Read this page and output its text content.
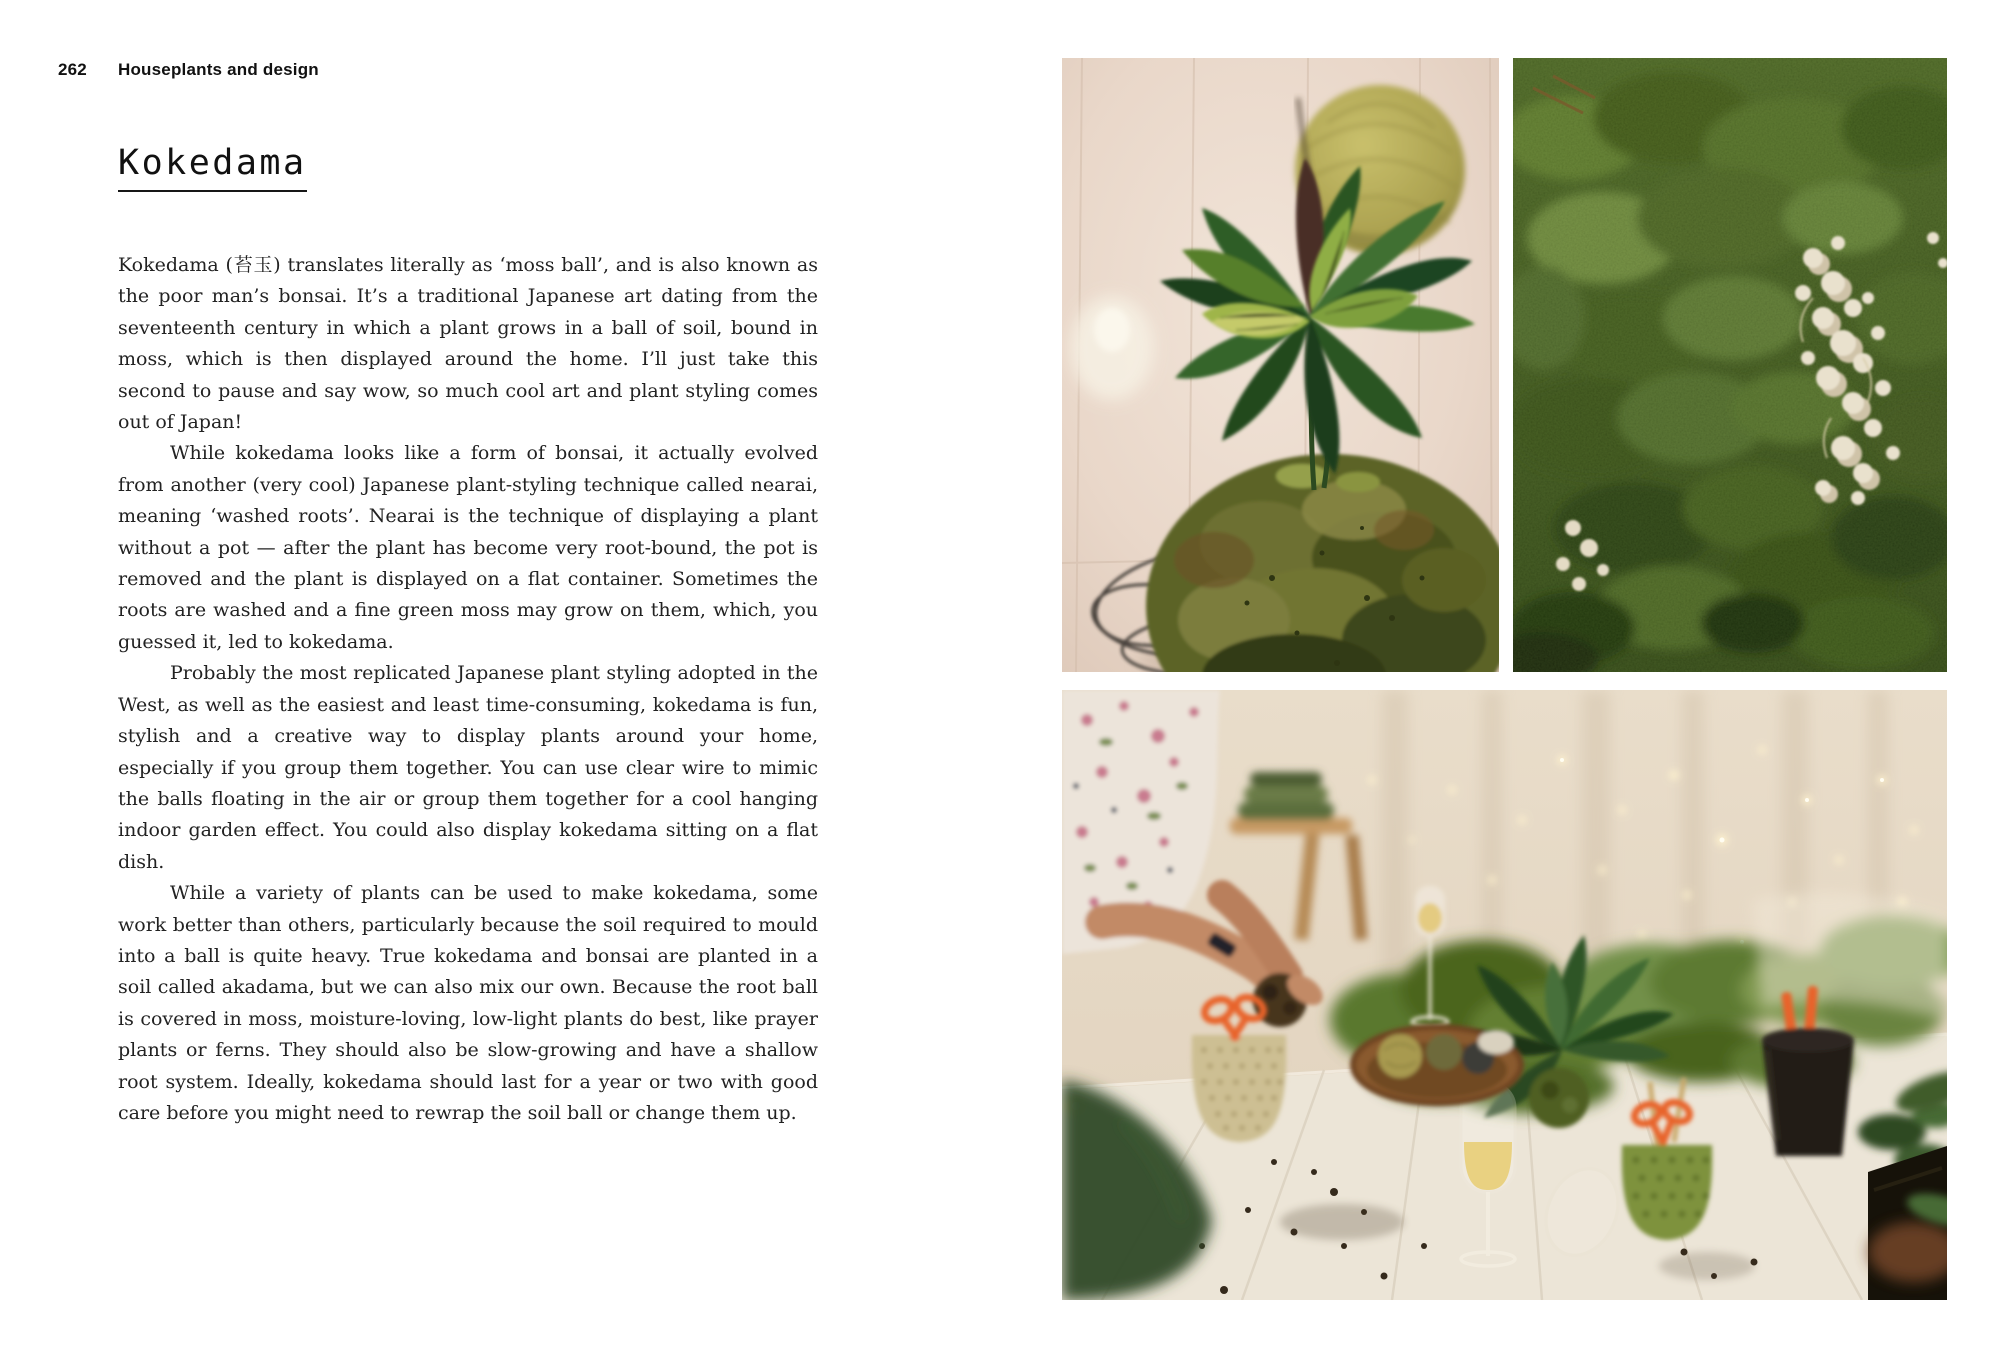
262 Houseplants and design
Kokedama

Kokedama (苔玉) translates literally as ‘moss ball’, and is also known as the poor man’s bonsai. It’s a traditional Japanese art dating from the seventeenth century in which a plant grows in a ball of soil, bound in moss, which is then displayed around the home. I’ll just take this second to pause and say wow, so much cool art and plant styling comes out of Japan!

While kokedama looks like a form of bonsai, it actually evolved from another (very cool) Japanese plant-styling technique called nearai, meaning ‘washed roots’. Nearai is the technique of displaying a plant without a pot — after the plant has become very root-bound, the pot is removed and the plant is displayed on a flat container. Sometimes the roots are washed and a fine green moss may grow on them, which, you guessed it, led to kokedama.

Probably the most replicated Japanese plant styling adopted in the West, as well as the easiest and least time-consuming, kokedama is fun, stylish and a creative way to display plants around your home, especially if you group them together. You can use clear wire to mimic the balls floating in the air or group them together for a cool hanging indoor garden effect. You could also display kokedama sitting on a flat dish.

While a variety of plants can be used to make kokedama, some work better than others, particularly because the soil required to mould into a ball is quite heavy. True kokedama and bonsai are planted in a soil called akadama, but we can also mix our own. Because the root ball is covered in moss, moisture-loving, low-light plants do best, like prayer plants or ferns. They should also be slow-growing and have a shallow root system. Ideally, kokedama should last for a year or two with good care before you might need to rewrap the soil ball or change them up.
